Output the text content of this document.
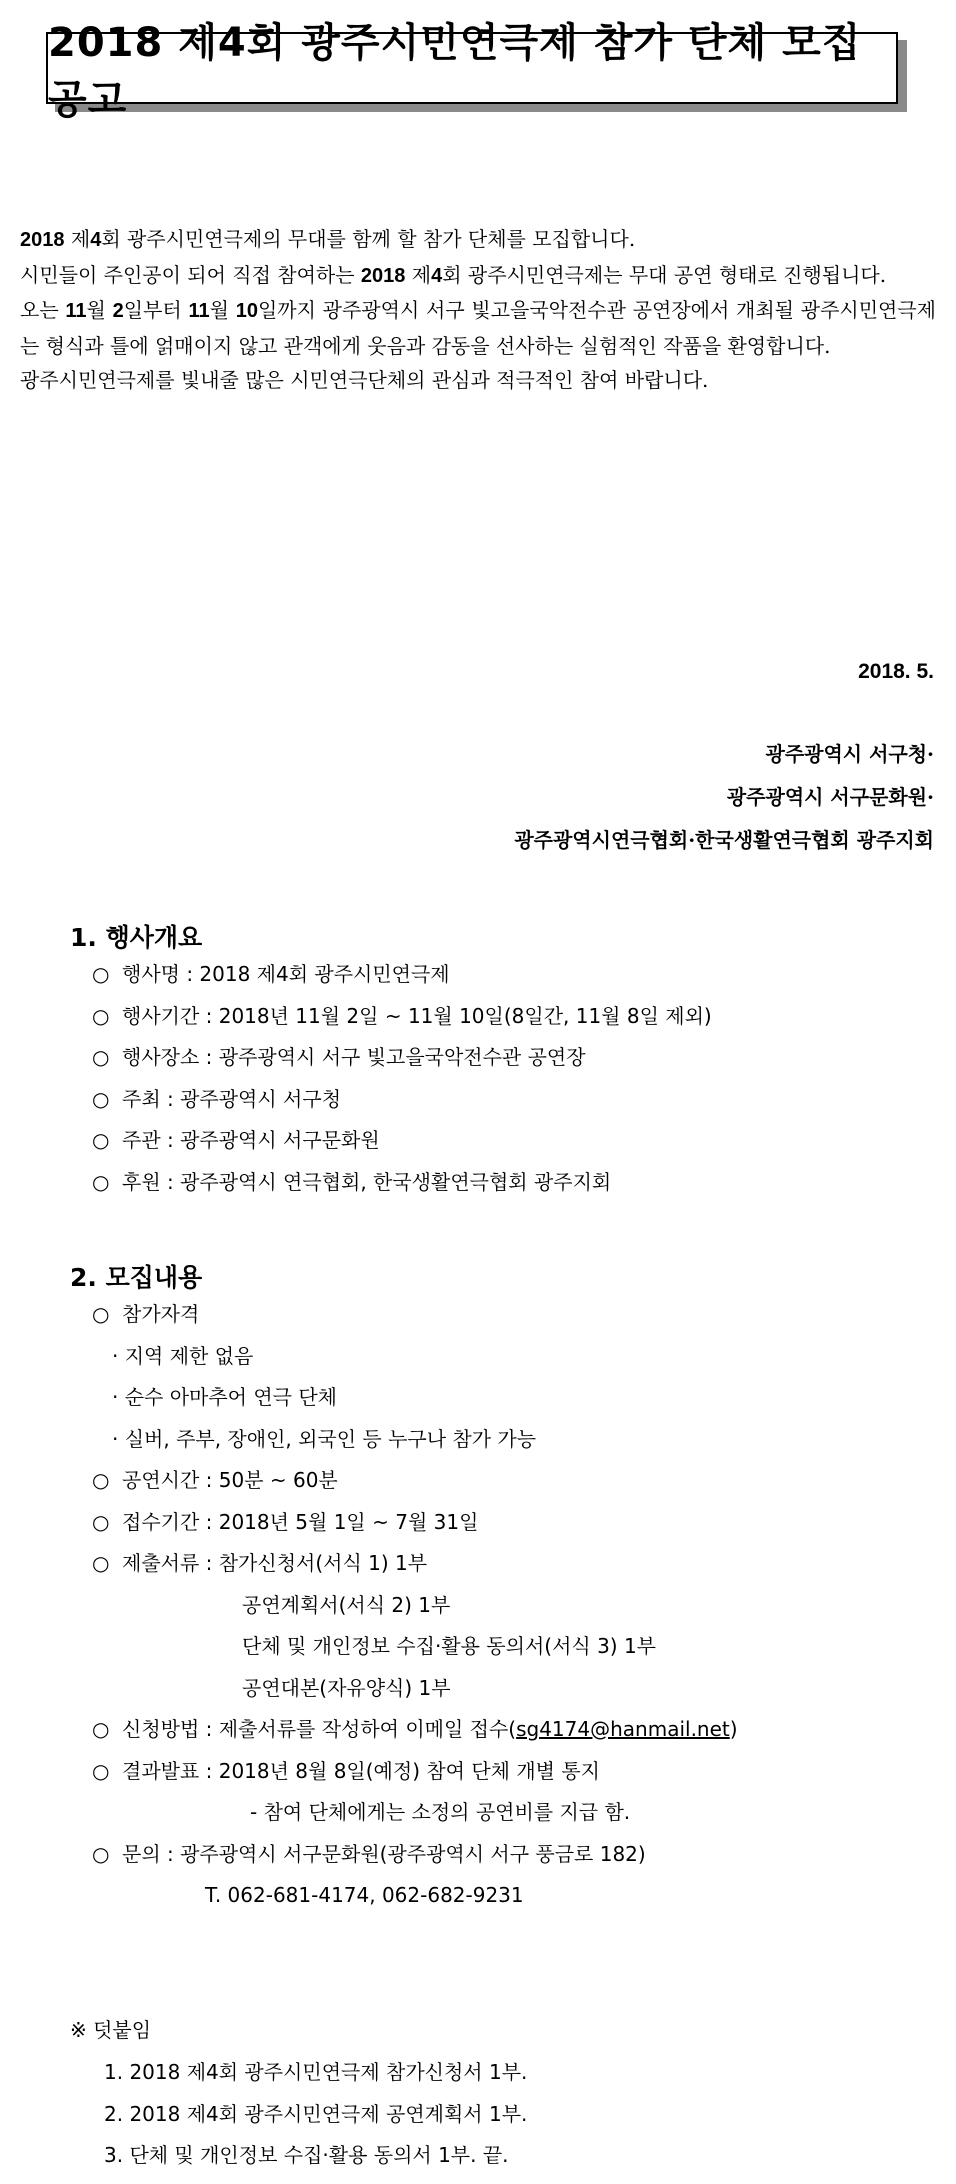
2018 제4회 광주시민연극제 참가 단체 모집 공고

2018 제4회 광주시민연극제의 무대를 함께 할 참가 단체를 모집합니다.

시민들이 주인공이 되어 직접 참여하는 2018 제4회 광주시민연극제는 무대 공연 형태로 진행됩니다.

오는 11월 2일부터 11월 10일까지 광주광역시 서구 빛고을국악전수관 공연장에서 개최될 광주시민연극제는 형식과 틀에 얽매이지 않고 관객에게 웃음과 감동을 선사하는 실험적인 작품을 환영합니다.

광주시민연극제를 빛내줄 많은 시민연극단체의 관심과 적극적인 참여 바랍니다.

2018. 5.
광주광역시 서구청·
광주광역시 서구문화원·
광주광역시연극협회·한국생활연극협회 광주지회
1. 행사개요
○ 행사명 : 2018 제4회 광주시민연극제
○ 행사기간 : 2018년 11월 2일 ~ 11월 10일(8일간, 11월 8일 제외)
○ 행사장소 : 광주광역시 서구 빛고을국악전수관 공연장
○ 주최 : 광주광역시 서구청
○ 주관 : 광주광역시 서구문화원
○ 후원 : 광주광역시 연극협회, 한국생활연극협회 광주지회
2. 모집내용
○ 참가자격
· 지역 제한 없음
· 순수 아마추어 연극 단체
· 실버, 주부, 장애인, 외국인 등 누구나 참가 가능
○ 공연시간 : 50분 ~ 60분
○ 접수기간 : 2018년 5월 1일 ~ 7월 31일
○ 제출서류 : 참가신청서(서식 1) 1부
공연계획서(서식 2) 1부
단체 및 개인정보 수집·활용 동의서(서식 3) 1부
공연대본(자유양식) 1부
○ 신청방법 : 제출서류를 작성하여 이메일 접수(sg4174@hanmail.net)
○ 결과발표 : 2018년 8월 8일(예정) 참여 단체 개별 통지
- 참여 단체에게는 소정의 공연비를 지급 함.
○ 문의 : 광주광역시 서구문화원(광주광역시 서구 풍금로 182)
T. 062-681-4174, 062-682-9231
※ 덧붙임
1. 2018 제4회 광주시민연극제 참가신청서 1부.
2. 2018 제4회 광주시민연극제 공연계획서 1부.
3. 단체 및 개인정보 수집·활용 동의서 1부. 끝.
